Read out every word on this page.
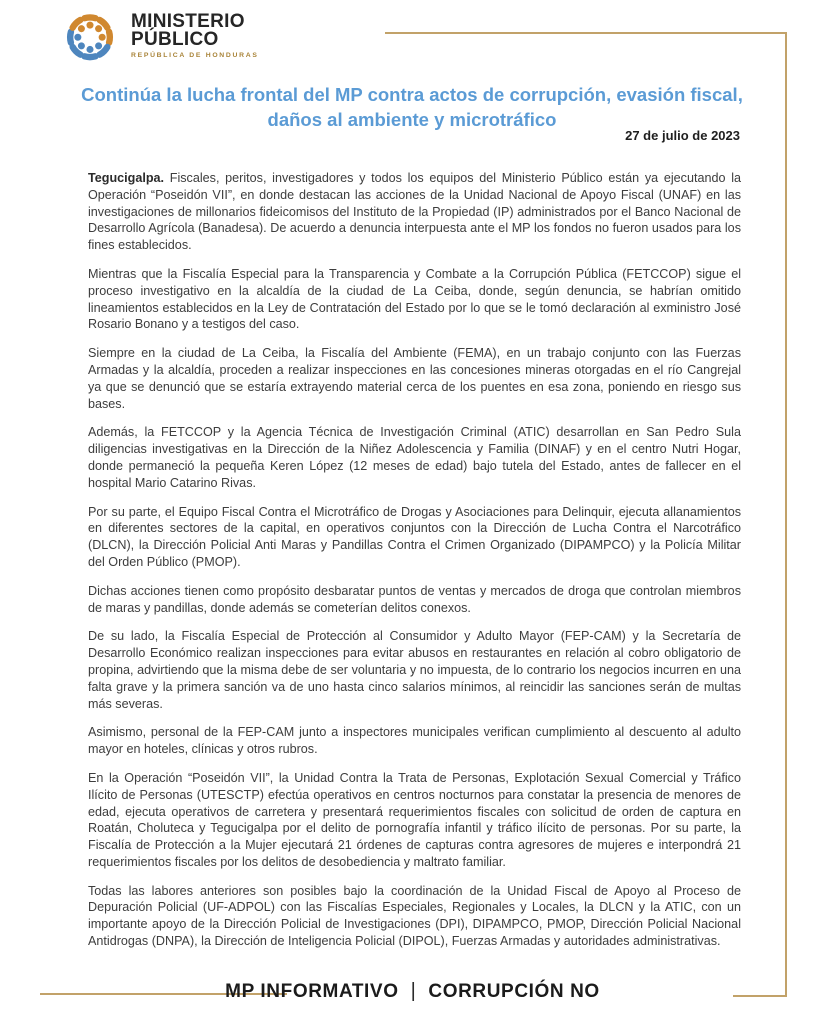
MINISTERIO
PÚBLICO
REPÚBLICA DE HONDURAS
Continúa la lucha frontal del MP contra actos de corrupción, evasión fiscal, daños al ambiente y microtráfico
27 de julio de 2023

Tegucigalpa. Fiscales, peritos, investigadores y todos los equipos del Ministerio Público están ya ejecutando la Operación “Poseidón VII”, en donde destacan las acciones de la Unidad Nacional de Apoyo Fiscal (UNAF) en las investigaciones de millonarios fideicomisos del Instituto de la Propiedad (IP) administrados por el Banco Nacional de Desarrollo Agrícola (Banadesa). De acuerdo a denuncia interpuesta ante el MP los fondos no fueron usados para los fines establecidos.

Mientras que la Fiscalía Especial para la Transparencia y Combate a la Corrupción Pública (FETCCOP) sigue el proceso investigativo en la alcaldía de la ciudad de La Ceiba, donde, según denuncia, se habrían omitido lineamientos establecidos en la Ley de Contratación del Estado por lo que se le tomó declaración al exministro José Rosario Bonano y a testigos del caso.

Siempre en la ciudad de La Ceiba, la Fiscalía del Ambiente (FEMA), en un trabajo conjunto con las Fuerzas Armadas y la alcaldía, proceden a realizar inspecciones en las concesiones mineras otorgadas en el río Cangrejal ya que se denunció que se estaría extrayendo material cerca de los puentes en esa zona, poniendo en riesgo sus bases.

Además, la FETCCOP y la Agencia Técnica de Investigación Criminal (ATIC) desarrollan en San Pedro Sula diligencias investigativas en la Dirección de la Niñez Adolescencia y Familia (DINAF) y en el centro Nutri Hogar, donde permaneció la pequeña Keren López (12 meses de edad) bajo tutela del Estado, antes de fallecer en el hospital Mario Catarino Rivas.

Por su parte, el Equipo Fiscal Contra el Microtráfico de Drogas y Asociaciones para Delinquir, ejecuta allanamientos en diferentes sectores de la capital, en operativos conjuntos con la Dirección de Lucha Contra el Narcotráfico (DLCN), la Dirección Policial Anti Maras y Pandillas Contra el Crimen Organizado (DIPAMPCO) y la Policía Militar del Orden Público (PMOP).

Dichas acciones tienen como propósito desbaratar puntos de ventas y mercados de droga que controlan miembros de maras y pandillas, donde además se cometerían delitos conexos.

De su lado, la Fiscalía Especial de Protección al Consumidor y Adulto Mayor (FEP-CAM) y la Secretaría de Desarrollo Económico realizan inspecciones para evitar abusos en restaurantes en relación al cobro obligatorio de propina, advirtiendo que la misma debe de ser voluntaria y no impuesta, de lo contrario los negocios incurren en una falta grave y la primera sanción va de uno hasta cinco salarios mínimos, al reincidir las sanciones serán de multas más severas.

Asimismo, personal de la FEP-CAM junto a inspectores municipales verifican cumplimiento al descuento al adulto mayor en hoteles, clínicas y otros rubros.

En la Operación “Poseidón VII”, la Unidad Contra la Trata de Personas, Explotación Sexual Comercial y Tráfico Ilícito de Personas (UTESCTP) efectúa operativos en centros nocturnos para constatar la presencia de menores de edad, ejecuta operativos de carretera y presentará requerimientos fiscales con solicitud de orden de captura en Roatán, Choluteca y Tegucigalpa por el delito de pornografía infantil y tráfico ilícito de personas. Por su parte, la Fiscalía de Protección a la Mujer ejecutará 21 órdenes de capturas contra agresores de mujeres e interpondrá 21 requerimientos fiscales por los delitos de desobediencia y maltrato familiar.

Todas las labores anteriores son posibles bajo la coordinación de la Unidad Fiscal de Apoyo al Proceso de Depuración Policial (UF-ADPOL) con las Fiscalías Especiales, Regionales y Locales, la DLCN y la ATIC, con un importante apoyo de la Dirección Policial de Investigaciones (DPI), DIPAMPCO, PMOP, Dirección Policial Nacional Antidrogas (DNPA), la Dirección de Inteligencia Policial (DIPOL), Fuerzas Armadas y autoridades administrativas.

MP INFORMATIVO | CORRUPCIÓN NO
